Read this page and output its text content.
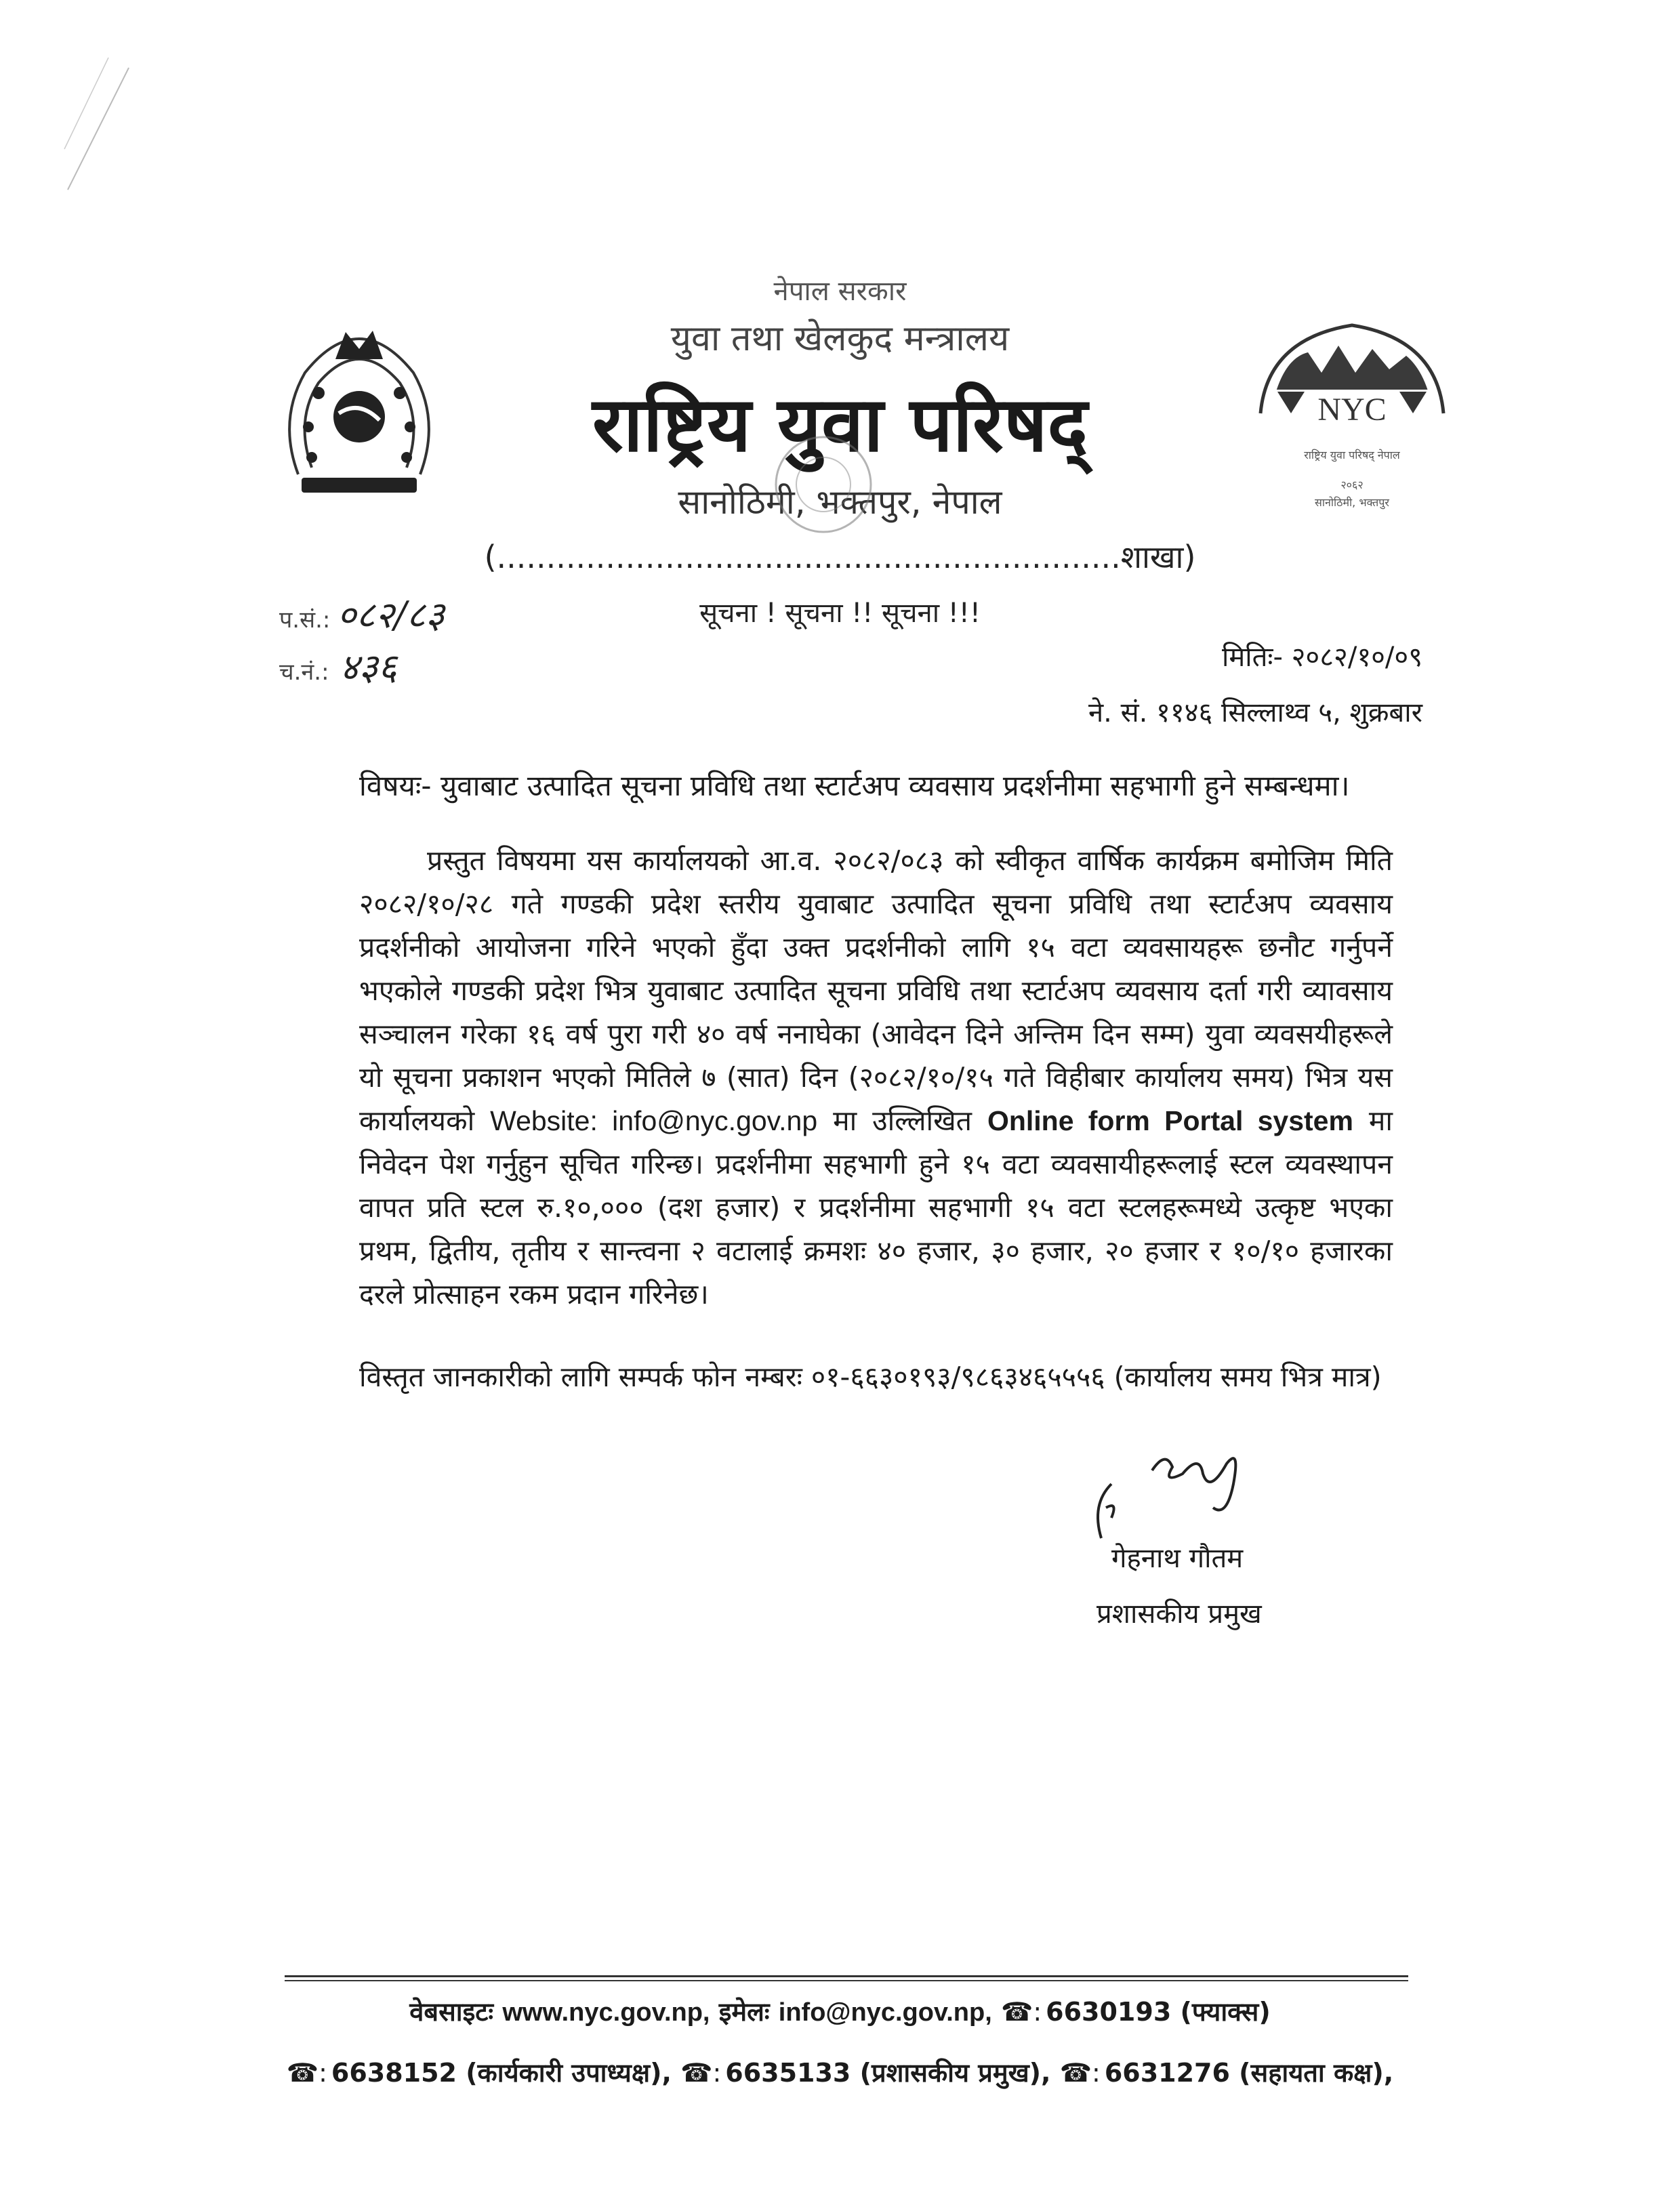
NYC
राष्ट्रिय युवा परिषद् नेपाल
२०६२
सानोठिमी, भक्तपुर
नेपाल सरकार
युवा तथा खेलकुद मन्त्रालय
राष्ट्रिय युवा परिषद्
सानोठिमी, भक्तपुर, नेपाल
(...............................................................शाखा)
सूचना ! सूचना !! सूचना !!!
प.सं.: ०८२/८३
च.नं.: ४३६	मितिः- २०८२/१०/०९
ने. सं. ११४६ सिल्लाथ्व ५, शुक्रबार
विषयः- युवाबाट उत्पादित सूचना प्रविधि तथा स्टार्टअप व्यवसाय प्रदर्शनीमा सहभागी हुने सम्बन्धमा।
प्रस्तुत विषयमा यस कार्यालयको आ.व. २०८२/०८३ को स्वीकृत वार्षिक कार्यक्रम बमोजिम मिति २०८२/१०/२८ गते गण्डकी प्रदेश स्तरीय युवाबाट उत्पादित सूचना प्रविधि तथा स्टार्टअप व्यवसाय प्रदर्शनीको आयोजना गरिने भएको हुँदा उक्त प्रदर्शनीको लागि १५ वटा व्यवसायहरू छनौट गर्नुपर्ने भएकोले गण्डकी प्रदेश भित्र युवाबाट उत्पादित सूचना प्रविधि तथा स्टार्टअप व्यवसाय दर्ता गरी व्यावसाय सञ्चालन गरेका १६ वर्ष पुरा गरी ४० वर्ष ननाघेका (आवेदन दिने अन्तिम दिन सम्म) युवा व्यवसयीहरूले यो सूचना प्रकाशन भएको मितिले ७ (सात) दिन (२०८२/१०/१५ गते विहीबार कार्यालय समय) भित्र यस कार्यालयको Website: info@nyc.gov.np मा उल्लिखित Online form Portal system मा निवेदन पेश गर्नुहुन सूचित गरिन्छ। प्रदर्शनीमा सहभागी हुने १५ वटा व्यवसायीहरूलाई स्टल व्यवस्थापन वापत प्रति स्टल रु.१०,००० (दश हजार) र प्रदर्शनीमा सहभागी १५ वटा स्टलहरूमध्ये उत्कृष्ट भएका प्रथम, द्वितीय, तृतीय र सान्त्वना २ वटालाई क्रमशः ४० हजार, ३० हजार, २० हजार र १०/१० हजारका दरले प्रोत्साहन रकम प्रदान गरिनेछ।
विस्तृत जानकारीको लागि सम्पर्क फोन नम्बरः ०१-६६३०१९३/९८६३४६५५५६ (कार्यालय समय भित्र मात्र)
गेहनाथ गौतम
प्रशासकीय प्रमुख
वेबसाइटः www.nyc.gov.np, इमेलः info@nyc.gov.np, ☎: 6630193 (फ्याक्स)
☎: 6638152 (कार्यकारी उपाध्यक्ष), ☎: 6635133 (प्रशासकीय प्रमुख), ☎: 6631276 (सहायता कक्ष),
